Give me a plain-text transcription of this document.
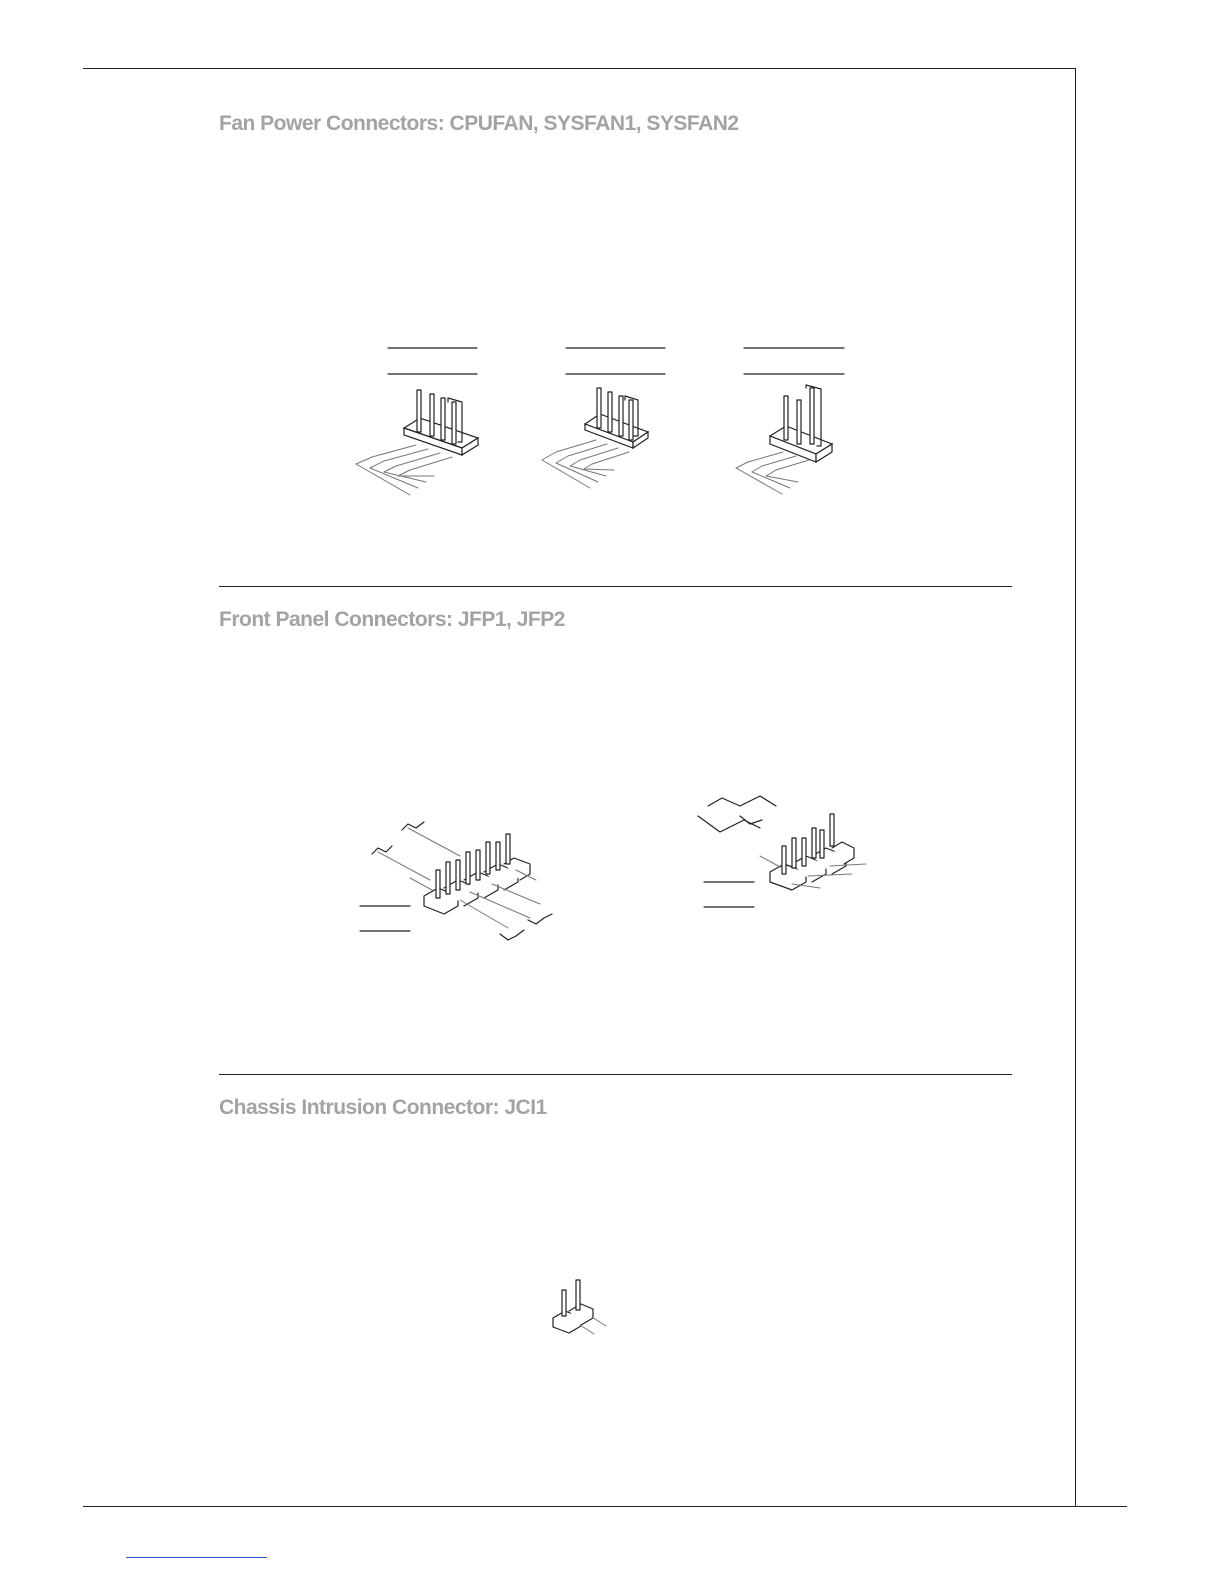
Fan Power Connectors: CPUFAN, SYSFAN1, SYSFAN2
Front Panel Connectors: JFP1, JFP2
Chassis Intrusion Connector: JCI1
